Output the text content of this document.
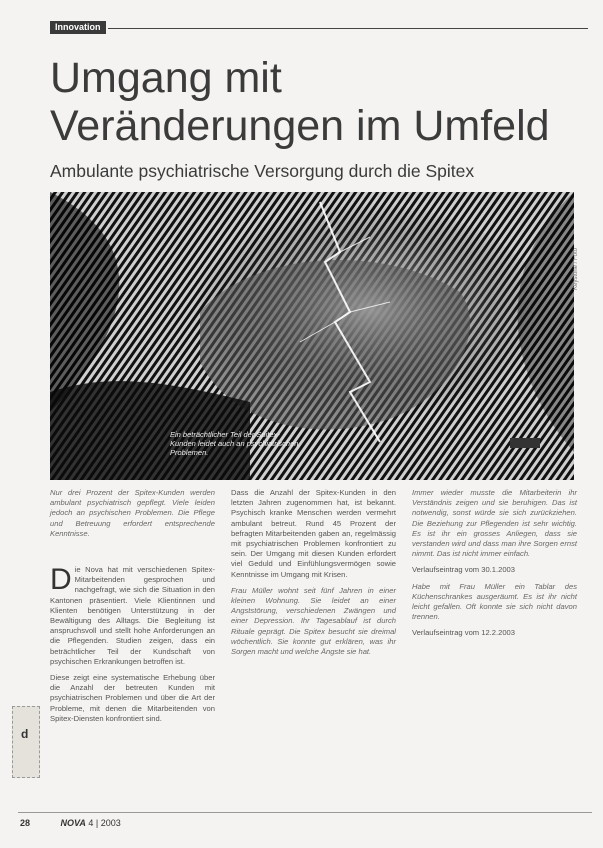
Innovation
Umgang mit
Veränderungen im Umfeld
Ambulante psychiatrische Versorgung durch die Spitex
Keystone / Foto
Ein beträchtlicher Teil der Spitex-Kunden leidet auch an psychiatrischen Problemen.

Nur drei Prozent der Spitex-Kunden werden ambulant psychiatrisch gepflegt. Viele leiden jedoch an psychischen Problemen. Die Pflege und Betreuung erfordert entsprechende Kenntnisse.

Die Nova hat mit verschiedenen Spitex-Mitarbeitenden gesprochen und nachgefragt, wie sich die Situation in den Kantonen präsentiert. Viele Klientinnen und Klienten benötigen Unterstützung in der Bewältigung des Alltags. Die Begleitung ist anspruchsvoll und stellt hohe Anforderungen an die Pflegenden. Studien zeigen, dass ein beträchtlicher Teil der Kundschaft von psychischen Erkrankungen betroffen ist.

Diese zeigt eine systematische Erhebung über die Anzahl der betreuten Kunden mit psychiatrischen Problemen und über die Art der Probleme, mit denen die Mitarbeitenden von Spitex-Diensten konfrontiert sind.

Dass die Anzahl der Spitex-Kunden in den letzten Jahren zugenommen hat, ist bekannt. Psychisch kranke Menschen werden vermehrt ambulant betreut. Rund 45 Prozent der befragten Mitarbeitenden gaben an, regelmässig mit psychiatrischen Problemen konfrontiert zu sein. Der Umgang mit diesen Kunden erfordert viel Geduld und Einfühlungsvermögen sowie Kenntnisse im Umgang mit Krisen.

Frau Müller wohnt seit fünf Jahren in einer kleinen Wohnung. Sie leidet an einer Angststörung, verschiedenen Zwängen und einer Depression. Ihr Tagesablauf ist durch Rituale geprägt. Die Spitex besucht sie dreimal wöchentlich. Sie konnte gut erklären, was ihr Sorgen macht und welche Ängste sie hat.

Immer wieder musste die Mitarbeiterin ihr Verständnis zeigen und sie beruhigen. Das ist notwendig, sonst würde sie sich zurückziehen. Die Beziehung zur Pflegenden ist sehr wichtig. Es ist ihr ein grosses Anliegen, dass sie verstanden wird und dass man ihre Sorgen ernst nimmt. Das ist nicht immer einfach.

Verlaufseintrag vom 30.1.2003

Habe mit Frau Müller ein Tablar des Küchenschrankes ausgeräumt. Es ist ihr nicht leicht gefallen. Oft konnte sie sich nicht davon trennen.

Verlaufseintrag vom 12.2.2003

d
28	NOVA 4 | 2003
